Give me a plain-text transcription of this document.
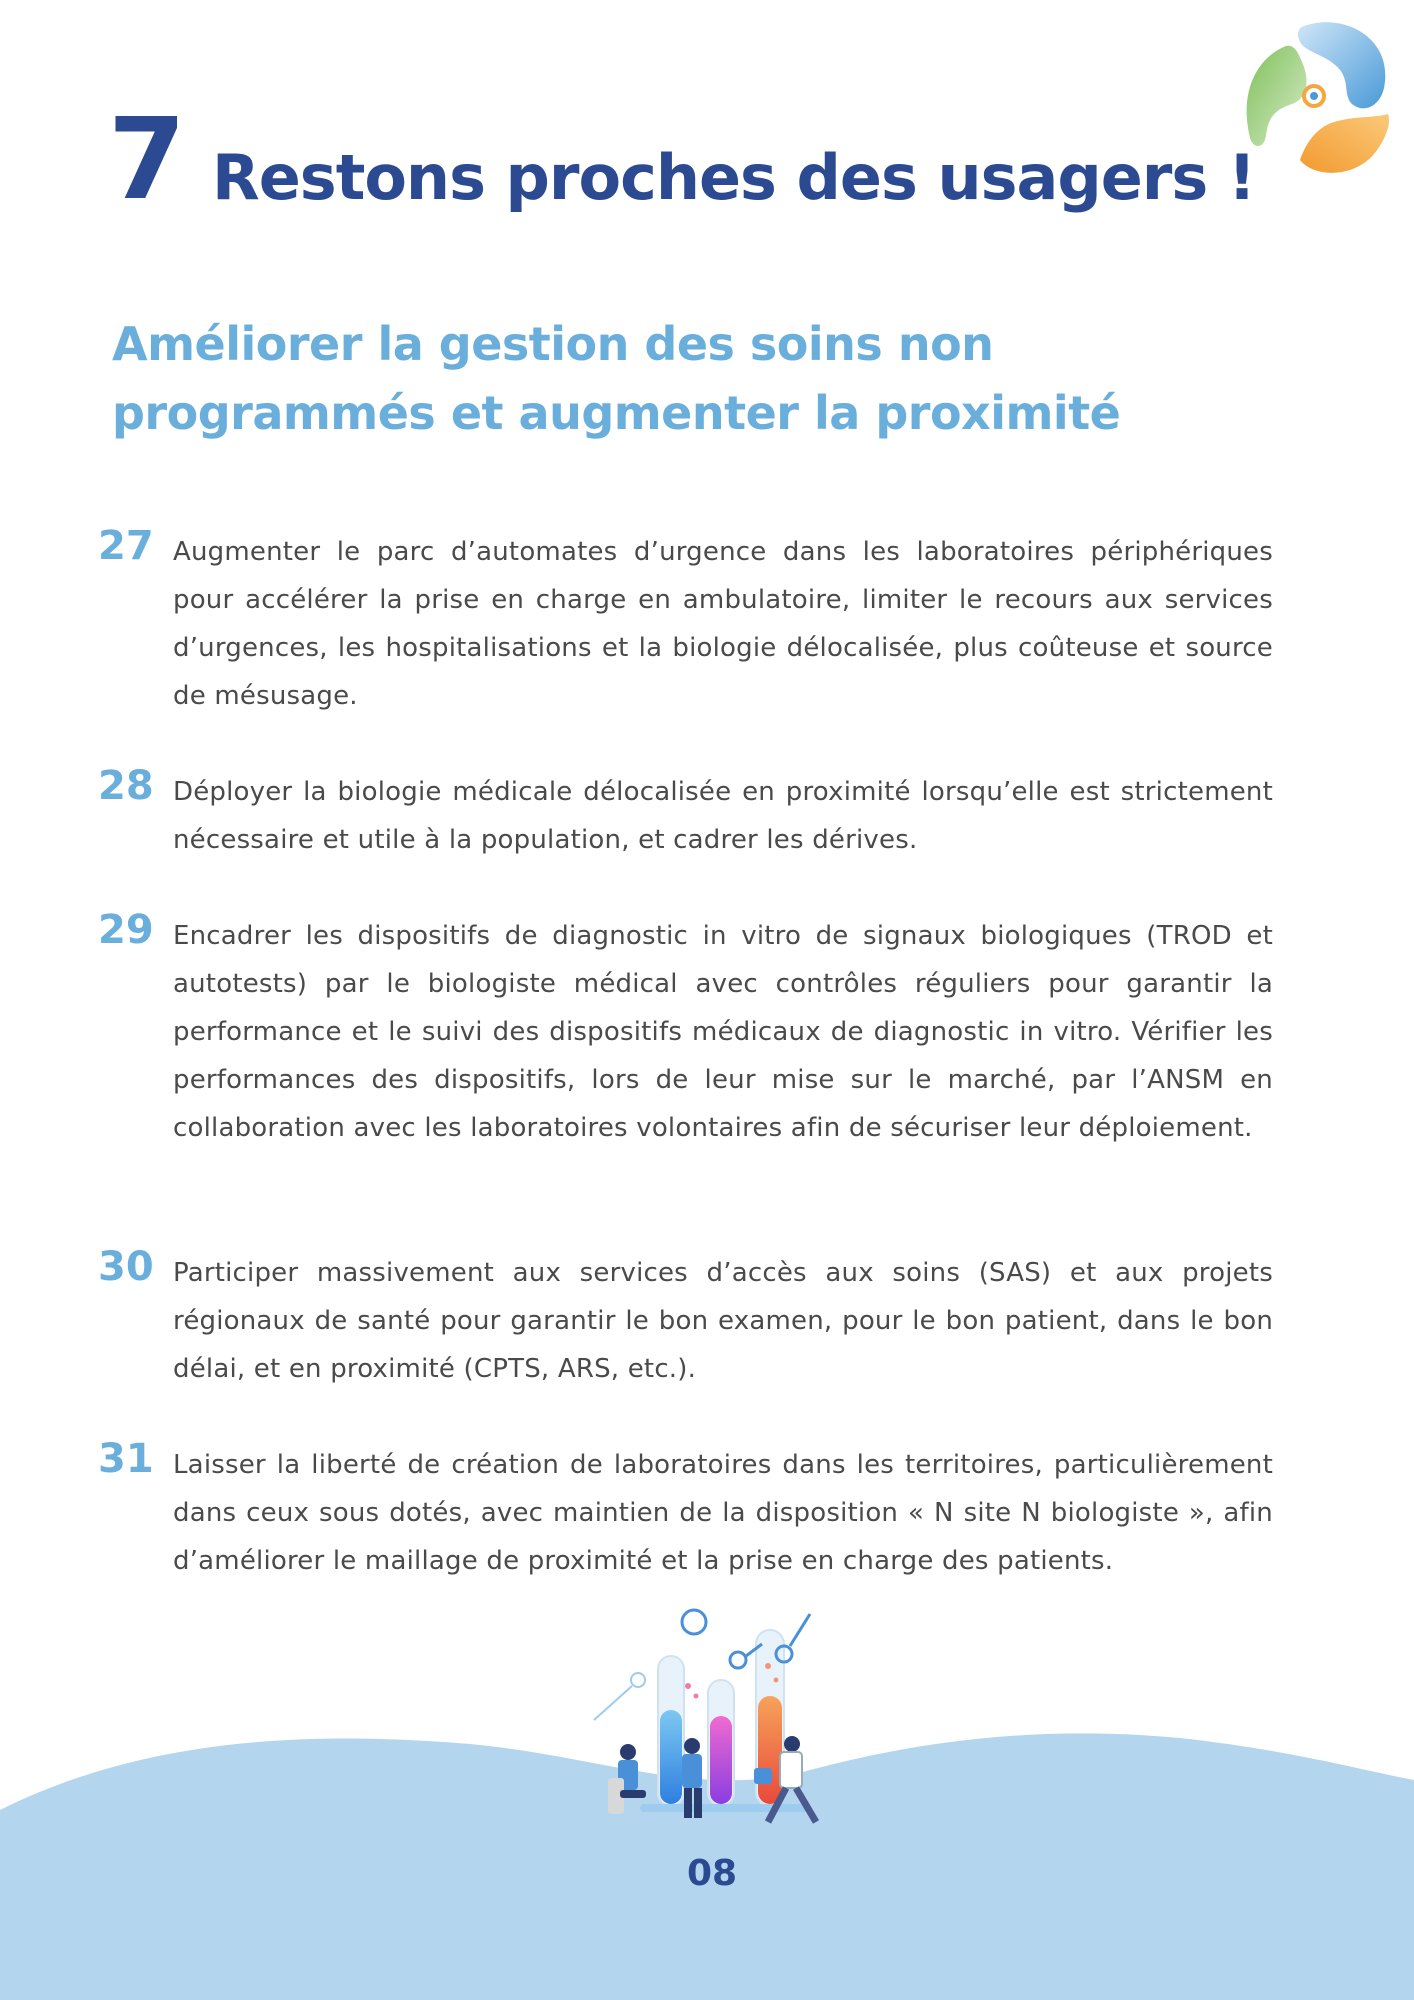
7 Restons proches des usagers !
Améliorer la gestion des soins non programmés et augmenter la proximité
27 Augmenter le parc d’automates d’urgence dans les laboratoires périphériques pour accélérer la prise en charge en ambulatoire, limiter le recours aux services d’urgences, les hospitalisations et la biologie délocalisée, plus coûteuse et source de mésusage.
28 Déployer la biologie médicale délocalisée en proximité lorsqu’elle est strictement nécessaire et utile à la population, et cadrer les dérives.
29 Encadrer les dispositifs de diagnostic in vitro de signaux biologiques (TROD et autotests) par le biologiste médical avec contrôles réguliers pour garantir la performance et le suivi des dispositifs médicaux de diagnostic in vitro. Vérifier les performances des dispositifs, lors de leur mise sur le marché, par l’ANSM en collaboration avec les laboratoires volontaires afin de sécuriser leur déploiement.
30 Participer massivement aux services d’accès aux soins (SAS) et aux projets régionaux de santé pour garantir le bon examen, pour le bon patient, dans le bon délai, et en proximité (CPTS, ARS, etc.).
31 Laisser la liberté de création de laboratoires dans les territoires, particulièrement dans ceux sous dotés, avec maintien de la disposition « N site N biologiste », afin d’améliorer le maillage de proximité et la prise en charge des patients.
08
